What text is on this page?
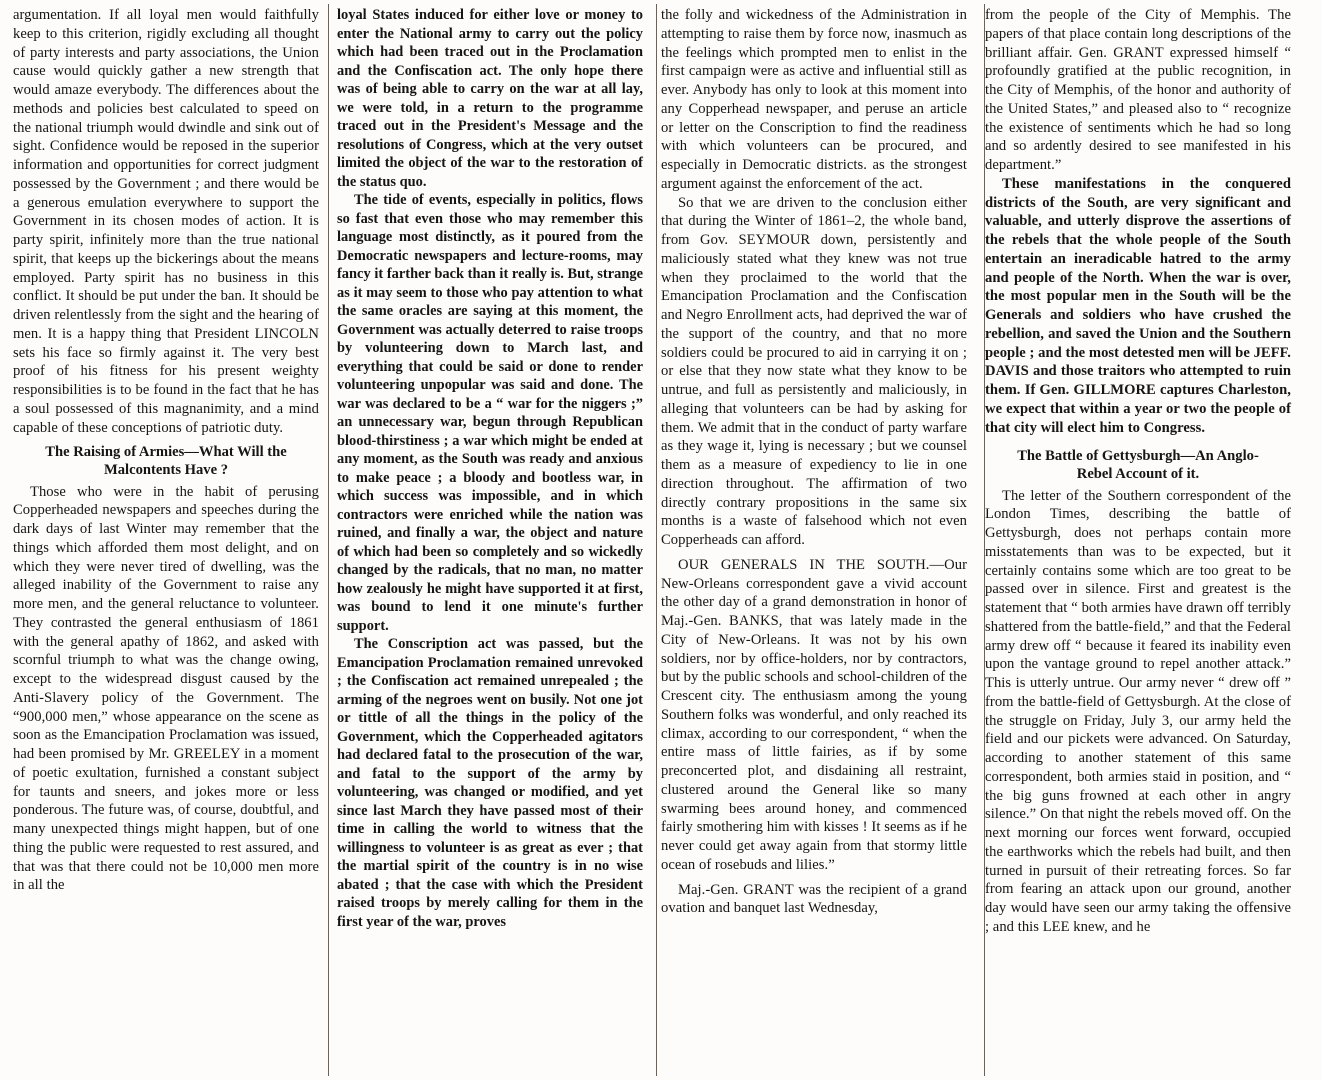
argumentation. If all loyal men would faithfully keep to this criterion, rigidly excluding all thought of party interests and party associations, the Union cause would quickly gather a new strength that would amaze everybody. The differences about the methods and policies best calculated to speed on the national triumph would dwindle and sink out of sight. Confidence would be reposed in the superior information and opportunities for correct judgment possessed by the Government ; and there would be a generous emulation everywhere to support the Government in its chosen modes of action. It is party spirit, infinitely more than the true national spirit, that keeps up the bickerings about the means employed. Party spirit has no business in this conflict. It should be put under the ban. It should be driven relentlessly from the sight and the hearing of men. It is a happy thing that President LINCOLN sets his face so firmly against it. The very best proof of his fitness for his present weighty responsibilities is to be found in the fact that he has a soul possessed of this magnanimity, and a mind capable of these conceptions of patriotic duty.

The Raising of Armies—What Will the
Malcontents Have ?

Those who were in the habit of perusing Copperheaded newspapers and speeches during the dark days of last Winter may remember that the things which afforded them most delight, and on which they were never tired of dwelling, was the alleged inability of the Government to raise any more men, and the general reluctance to volunteer. They contrasted the general enthusiasm of 1861 with the general apathy of 1862, and asked with scornful triumph to what was the change owing, except to the widespread disgust caused by the Anti-Slavery policy of the Government. The “900,000 men,” whose appearance on the scene as soon as the Emancipation Proclamation was issued, had been promised by Mr. GREELEY in a moment of poetic exultation, furnished a constant subject for taunts and sneers, and jokes more or less ponderous. The future was, of course, doubtful, and many unexpected things might happen, but of one thing the public were requested to rest assured, and that was that there could not be 10,000 men more in all the

loyal States induced for either love or money to enter the National army to carry out the policy which had been traced out in the Proclamation and the Confiscation act. The only hope there was of being able to carry on the war at all lay, we were told, in a return to the programme traced out in the President's Message and the resolutions of Congress, which at the very outset limited the object of the war to the restoration of the status quo.

The tide of events, especially in politics, flows so fast that even those who may remember this language most distinctly, as it poured from the Democratic newspapers and lecture-rooms, may fancy it farther back than it really is. But, strange as it may seem to those who pay attention to what the same oracles are saying at this moment, the Government was actually deterred to raise troops by volunteering down to March last, and everything that could be said or done to render volunteering unpopular was said and done. The war was declared to be a “ war for the niggers ;” an unnecessary war, begun through Republican blood-thirstiness ; a war which might be ended at any moment, as the South was ready and anxious to make peace ; a bloody and bootless war, in which success was impossible, and in which contractors were enriched while the nation was ruined, and finally a war, the object and nature of which had been so completely and so wickedly changed by the radicals, that no man, no matter how zealously he might have supported it at first, was bound to lend it one minute's further support.

The Conscription act was passed, but the Emancipation Proclamation remained unrevoked ; the Confiscation act remained unrepealed ; the arming of the negroes went on busily. Not one jot or tittle of all the things in the policy of the Government, which the Copperheaded agitators had declared fatal to the prosecution of the war, and fatal to the support of the army by volunteering, was changed or modified, and yet since last March they have passed most of their time in calling the world to witness that the willingness to volunteer is as great as ever ; that the martial spirit of the country is in no wise abated ; that the case with which the President raised troops by merely calling for them in the first year of the war, proves

the folly and wickedness of the Administration in attempting to raise them by force now, inasmuch as the feelings which prompted men to enlist in the first campaign were as active and influential still as ever. Anybody has only to look at this moment into any Copperhead newspaper, and peruse an article or letter on the Conscription to find the readiness with which volunteers can be procured, and especially in Democratic districts. as the strongest argument against the enforcement of the act.

So that we are driven to the conclusion either that during the Winter of 1861–2, the whole band, from Gov. SEYMOUR down, persistently and maliciously stated what they knew was not true when they proclaimed to the world that the Emancipation Proclamation and the Confiscation and Negro Enrollment acts, had deprived the war of the support of the country, and that no more soldiers could be procured to aid in carrying it on ; or else that they now state what they know to be untrue, and full as persistently and maliciously, in alleging that volunteers can be had by asking for them. We admit that in the conduct of party warfare as they wage it, lying is necessary ; but we counsel them as a measure of expediency to lie in one direction throughout. The affirmation of two directly contrary propositions in the same six months is a waste of falsehood which not even Copperheads can afford.

OUR GENERALS IN THE SOUTH.—Our New-Orleans correspondent gave a vivid account the other day of a grand demonstration in honor of Maj.-Gen. BANKS, that was lately made in the City of New-Orleans. It was not by his own soldiers, nor by office-holders, nor by contractors, but by the public schools and school-children of the Crescent city. The enthusiasm among the young Southern folks was wonderful, and only reached its climax, according to our correspondent, “ when the entire mass of little fairies, as if by some preconcerted plot, and disdaining all restraint, clustered around the General like so many swarming bees around honey, and commenced fairly smothering him with kisses ! It seems as if he never could get away again from that stormy little ocean of rosebuds and lilies.”

Maj.-Gen. GRANT was the recipient of a grand ovation and banquet last Wednesday,

from the people of the City of Memphis. The papers of that place contain long descriptions of the brilliant affair. Gen. GRANT expressed himself “ profoundly gratified at the public recognition, in the City of Memphis, of the honor and authority of the United States,” and pleased also to “ recognize the existence of sentiments which he had so long and so ardently desired to see manifested in his department.”

These manifestations in the conquered districts of the South, are very significant and valuable, and utterly disprove the assertions of the rebels that the whole people of the South entertain an ineradicable hatred to the army and people of the North. When the war is over, the most popular men in the South will be the Generals and soldiers who have crushed the rebellion, and saved the Union and the Southern people ; and the most detested men will be JEFF. DAVIS and those traitors who attempted to ruin them. If Gen. GILLMORE captures Charleston, we expect that within a year or two the people of that city will elect him to Congress.

The Battle of Gettysburgh—An Anglo-
Rebel Account of it.

The letter of the Southern correspondent of the London Times, describing the battle of Gettysburgh, does not perhaps contain more misstatements than was to be expected, but it certainly contains some which are too great to be passed over in silence. First and greatest is the statement that “ both armies have drawn off terribly shattered from the battle-field,” and that the Federal army drew off “ because it feared its inability even upon the vantage ground to repel another attack.” This is utterly untrue. Our army never “ drew off ” from the battle-field of Gettysburgh. At the close of the struggle on Friday, July 3, our army held the field and our pickets were advanced. On Saturday, according to another statement of this same correspondent, both armies staid in position, and “ the big guns frowned at each other in angry silence.” On that night the rebels moved off. On the next morning our forces went forward, occupied the earthworks which the rebels had built, and then turned in pursuit of their retreating forces. So far from fearing an attack upon our ground, another day would have seen our army taking the offensive ; and this LEE knew, and he
